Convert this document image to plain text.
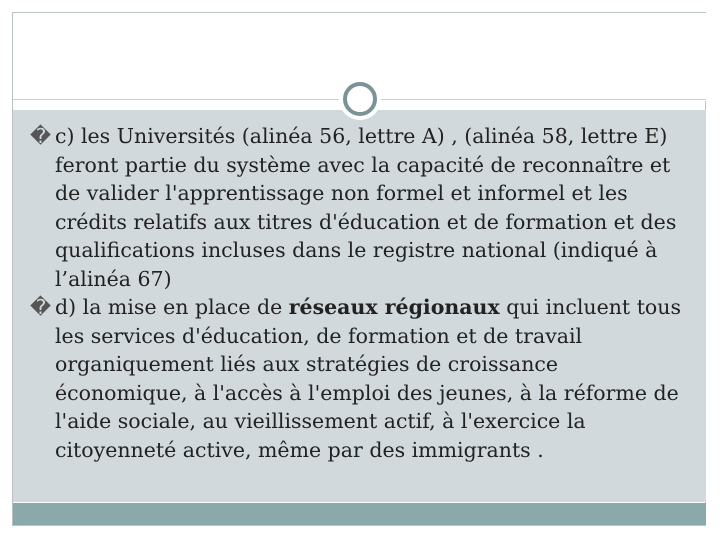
� c) les Universités (alinéa 56, lettre A) , (alinéa 58, lettre E) feront partie du système avec la capacité de reconnaître et de valider l'apprentissage non formel et informel et les crédits relatifs aux titres d'éducation et de formation et des qualifications incluses dans le registre national (indiqué à l’alinéa 67)

� d) la mise en place de réseaux régionaux qui incluent tous les services d'éducation, de formation et de travail organiquement liés aux stratégies de croissance économique, à l'accès à l'emploi des jeunes, à la réforme de l'aide sociale, au vieillissement actif, à l'exercice la citoyenneté active, même par des immigrants .
